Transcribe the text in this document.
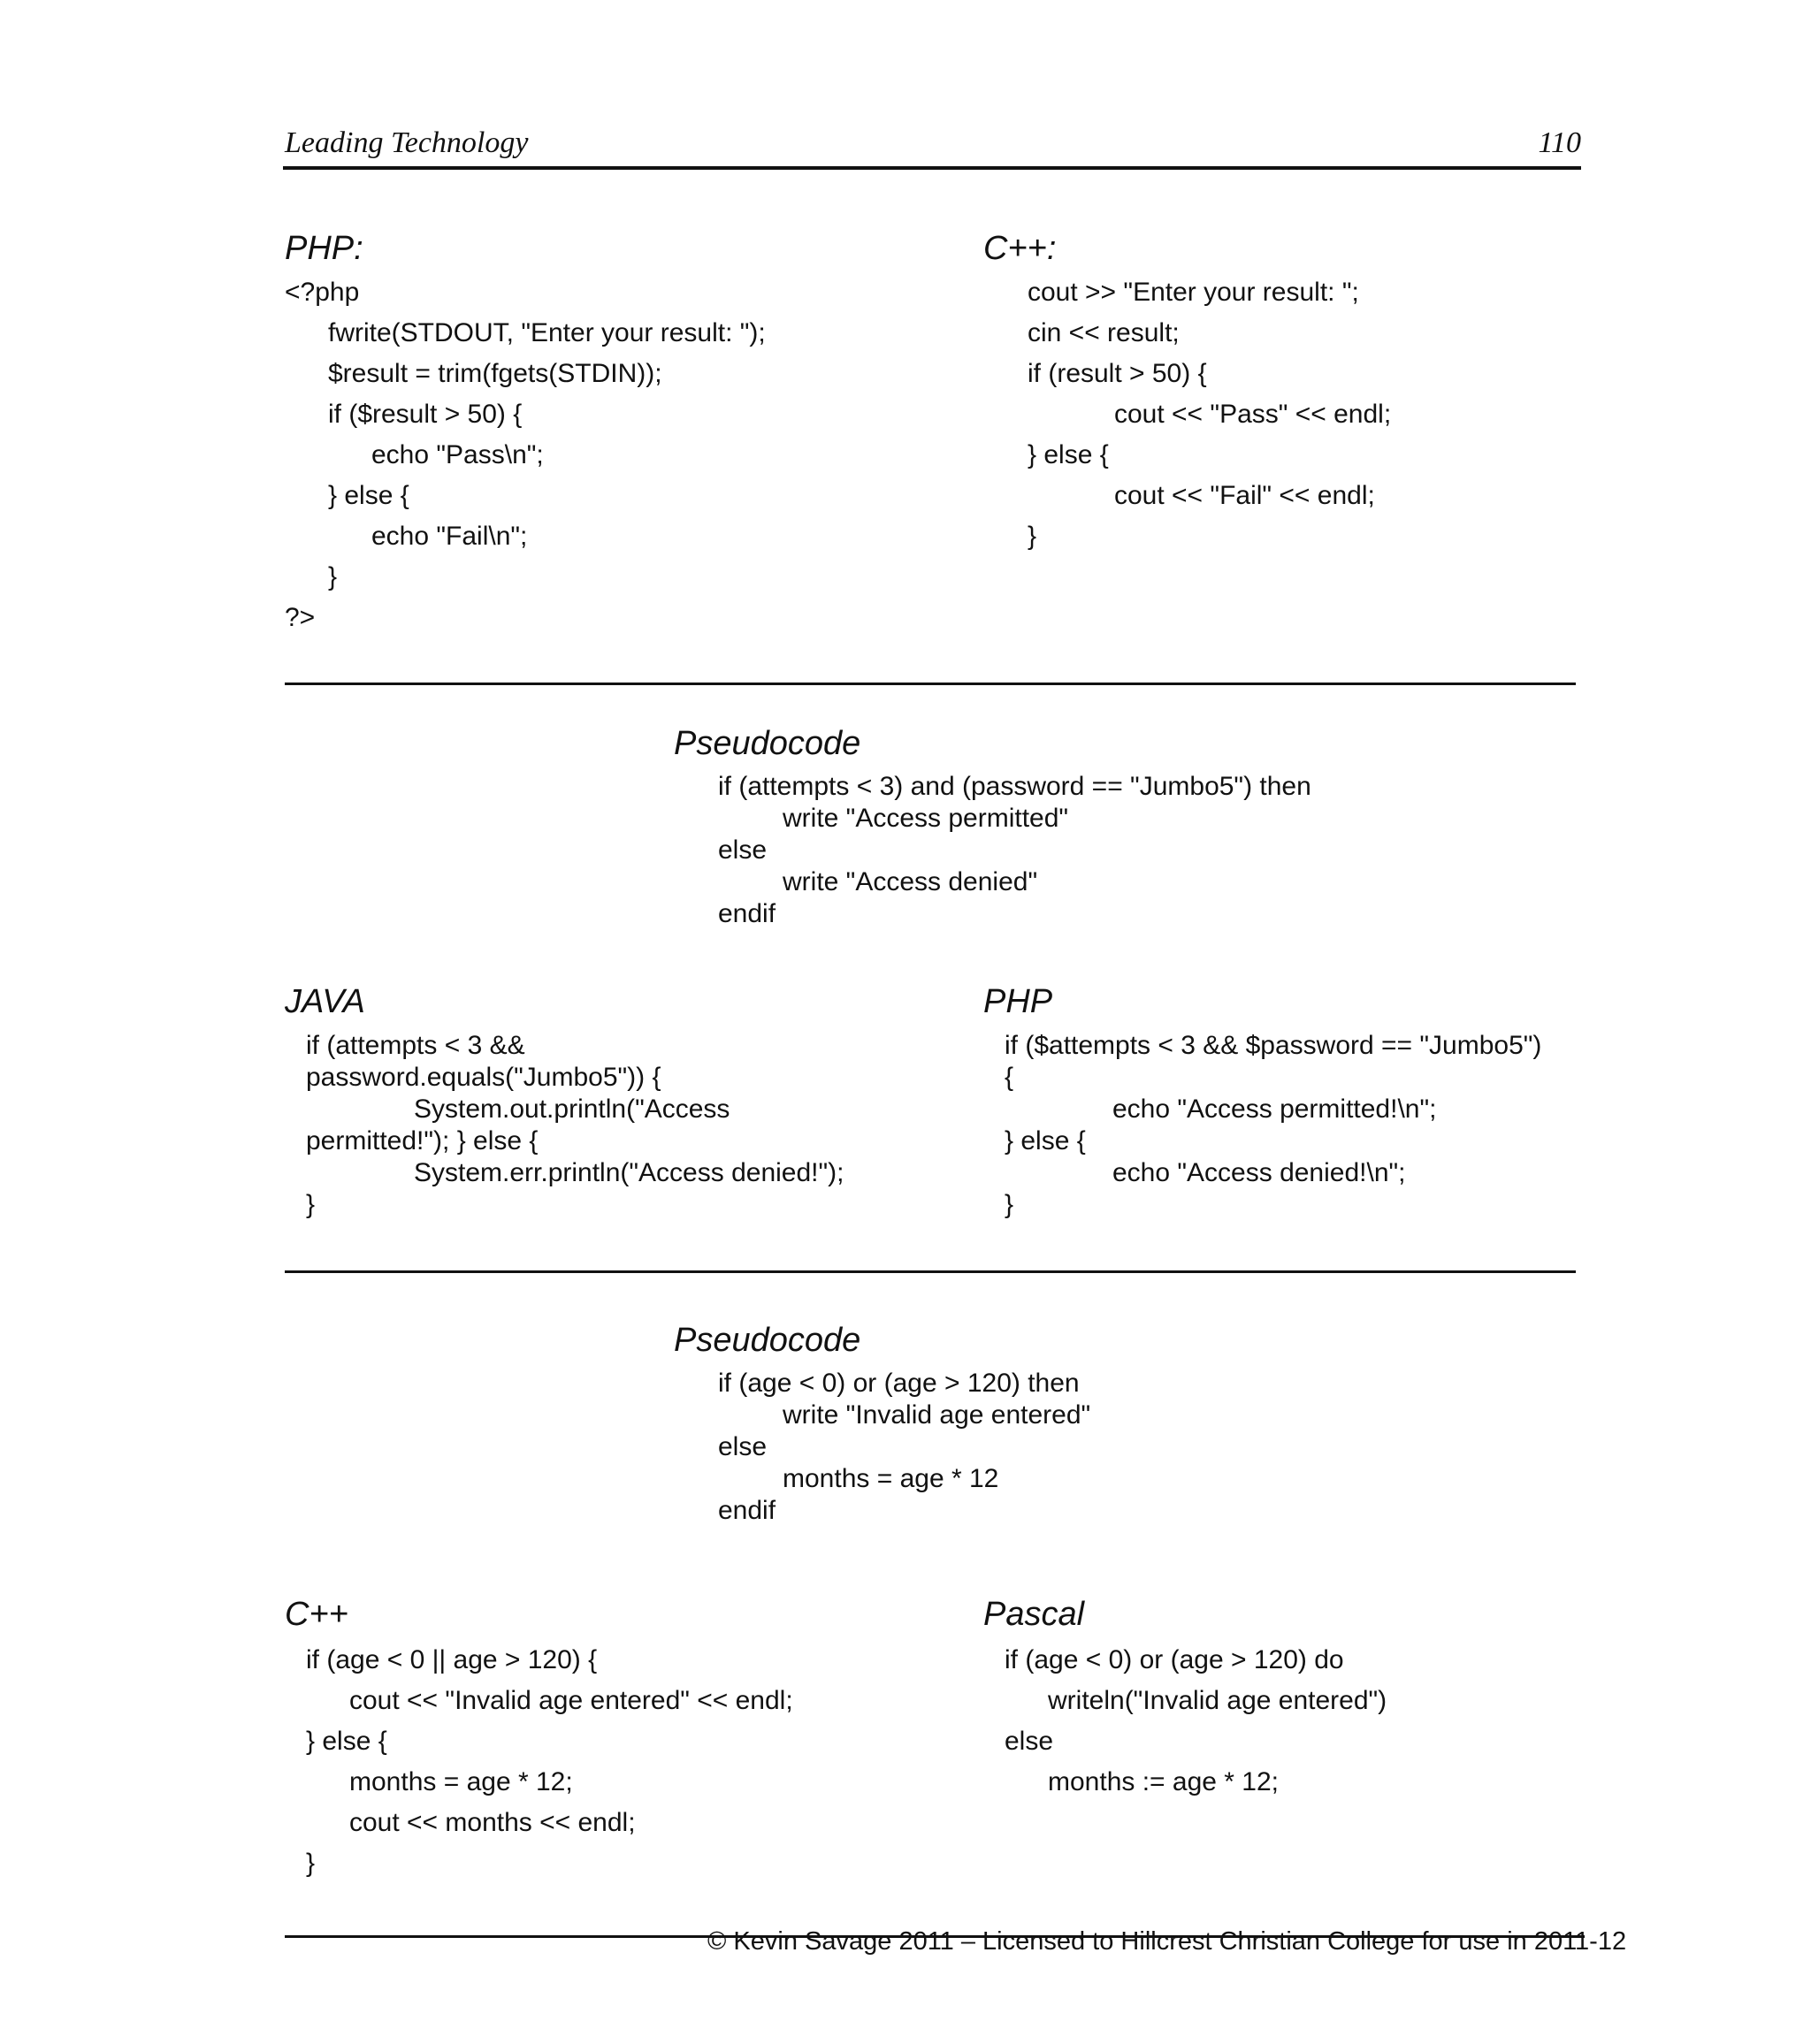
Leading Technology	110
PHP:
<?php
fwrite(STDOUT, "Enter your result: ");
$result = trim(fgets(STDIN));
if ($result > 50) {
echo "Pass\n";
} else {
echo "Fail\n";
}
?>
C++:
cout >> "Enter your result: ";
cin << result;
if (result > 50) {
cout << "Pass" << endl;
} else {
cout << "Fail" << endl;
}
Pseudocode
if (attempts < 3) and (password == "Jumbo5") then
write "Access permitted"
else
write "Access denied"
endif
JAVA
if (attempts < 3 &&
password.equals("Jumbo5")) {
System.out.println("Access
permitted!"); } else {
System.err.println("Access denied!");
}
PHP
if ($attempts < 3 && $password == "Jumbo5")
{
echo "Access permitted!\n";
} else {
echo "Access denied!\n";
}
Pseudocode
if (age < 0) or (age > 120) then
write "Invalid age entered"
else
months = age * 12
endif
C++
if (age < 0 || age > 120) {
cout << "Invalid age entered" << endl;
} else {
months = age * 12;
cout << months << endl;
}
Pascal
if (age < 0) or (age > 120) do
writeln("Invalid age entered")
else
months := age * 12;
© Kevin Savage 2011 – Licensed to Hillcrest Christian College for use in 2011-12
